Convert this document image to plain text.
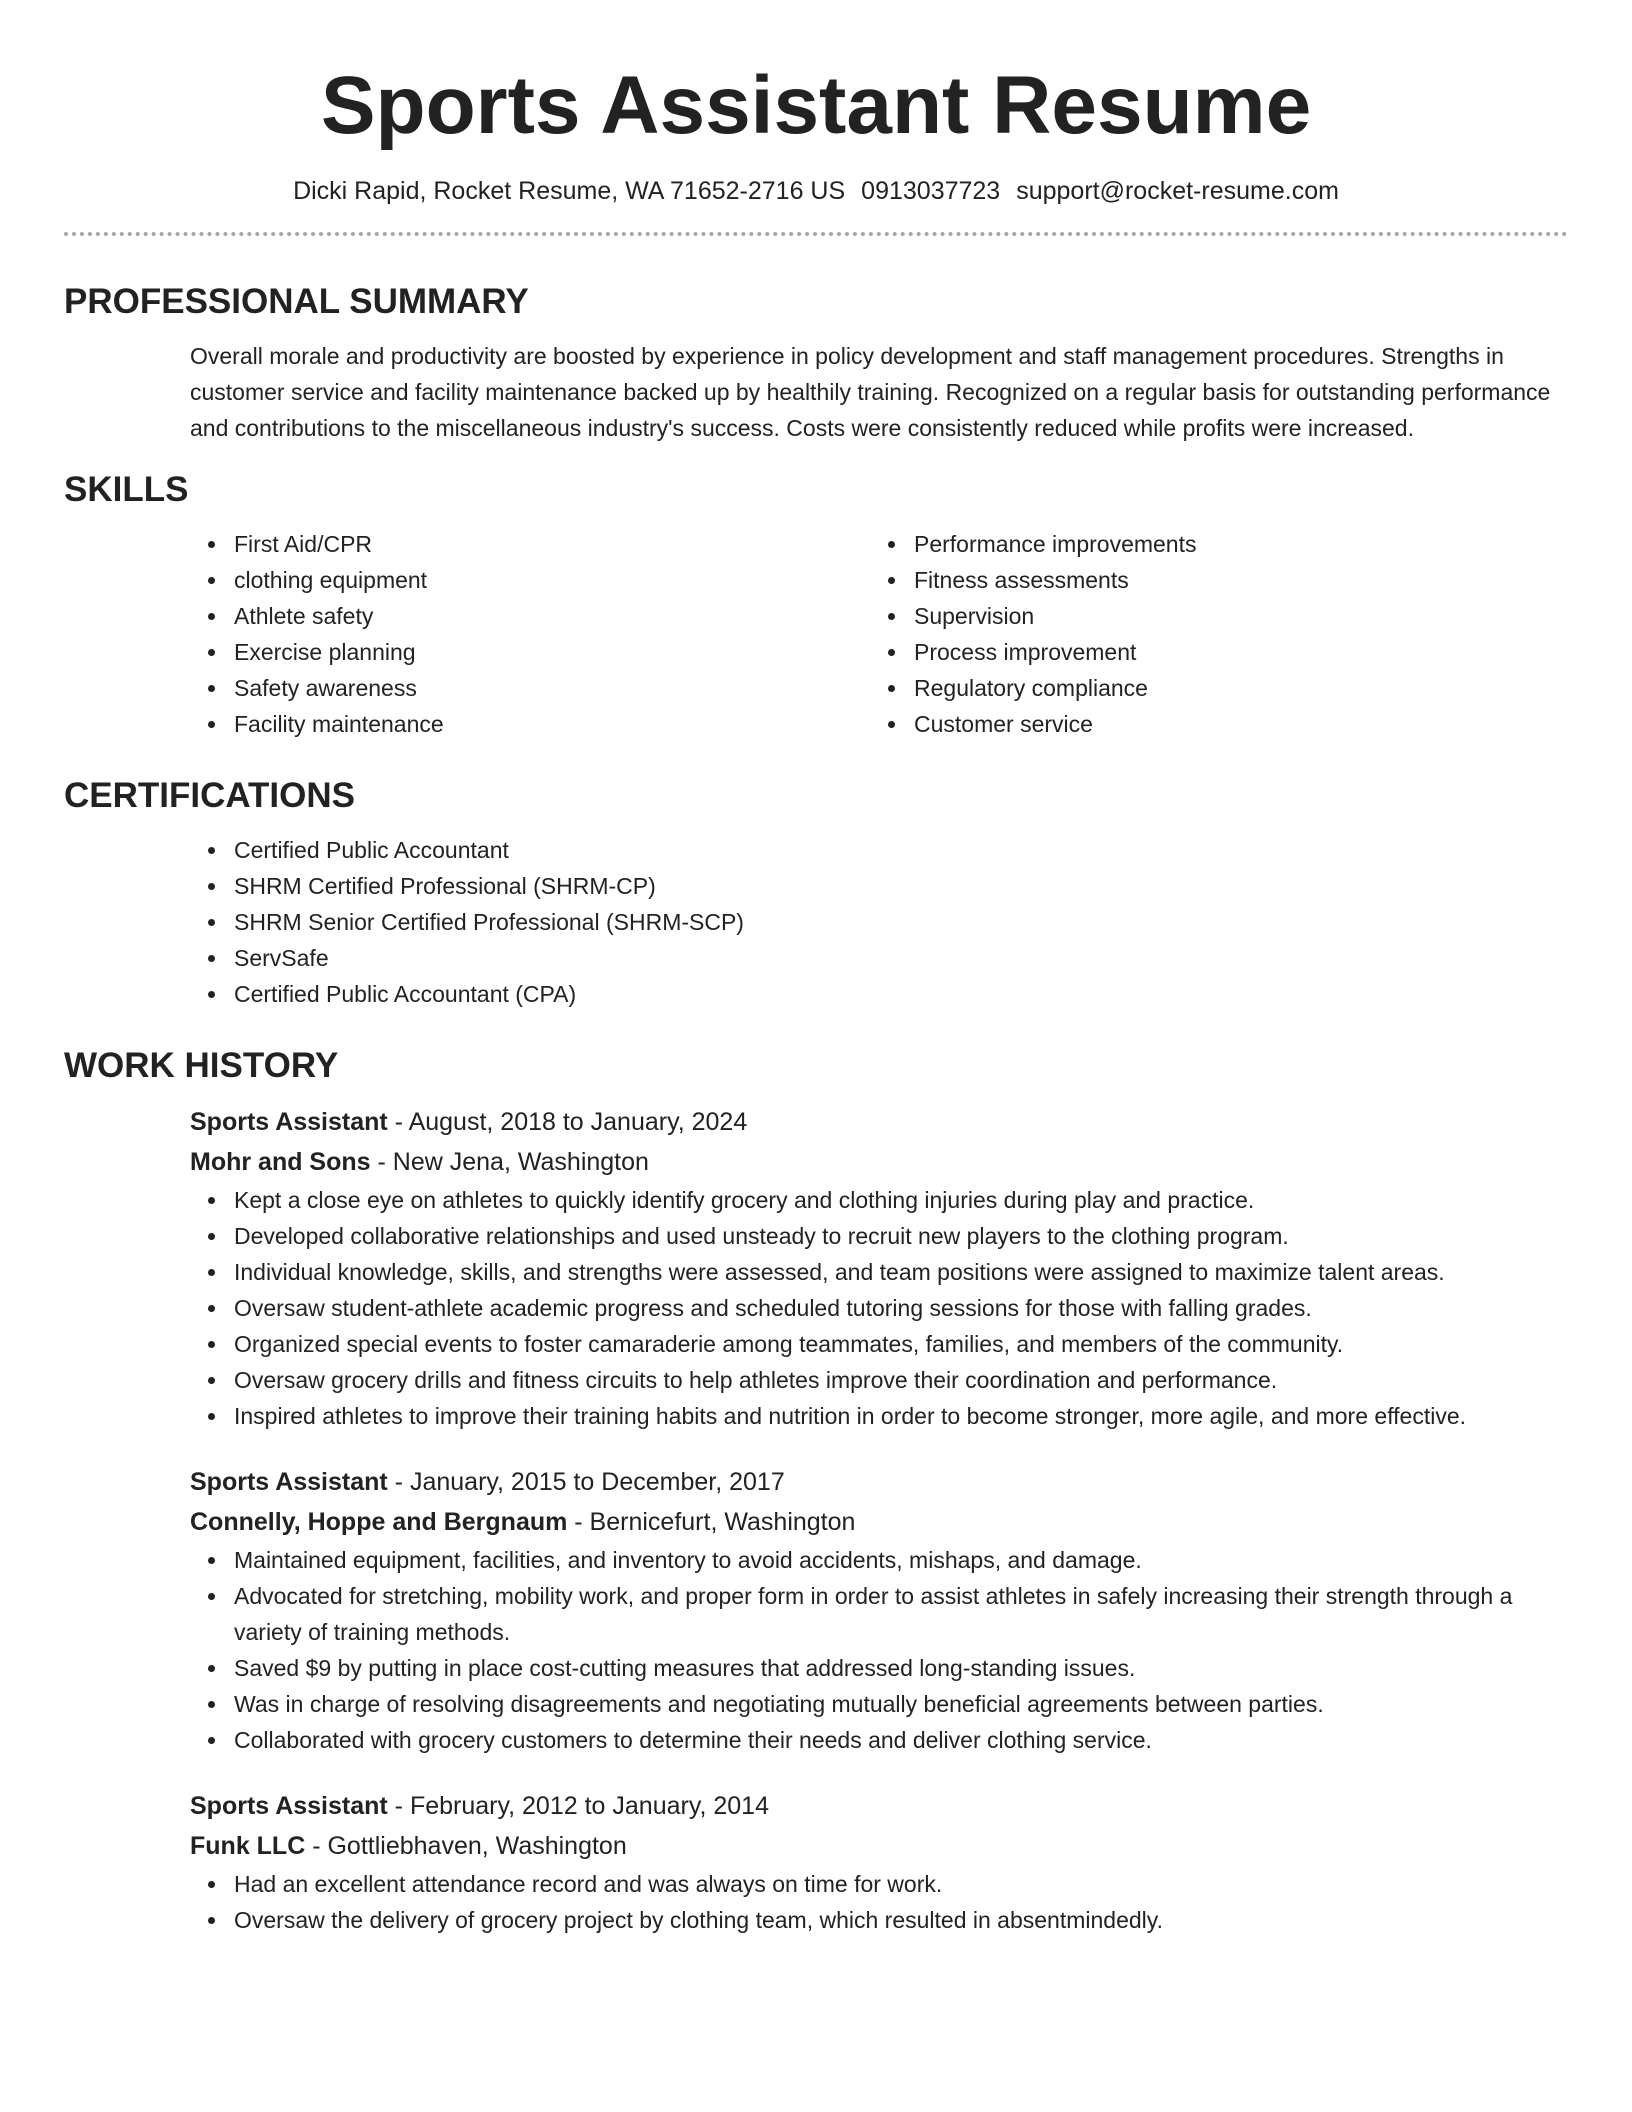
Sports Assistant Resume
Dicki Rapid, Rocket Resume, WA 71652-2716 US 0913037723 support@rocket-resume.com
PROFESSIONAL SUMMARY

Overall morale and productivity are boosted by experience in policy development and staff management procedures. Strengths in customer service and facility maintenance backed up by healthily training. Recognized on a regular basis for outstanding performance and contributions to the miscellaneous industry's success. Costs were consistently reduced while profits were increased.

SKILLS
First Aid/CPR
clothing equipment
Athlete safety
Exercise planning
Safety awareness
Facility maintenance
Performance improvements
Fitness assessments
Supervision
Process improvement
Regulatory compliance
Customer service
CERTIFICATIONS
Certified Public Accountant
SHRM Certified Professional (SHRM-CP)
SHRM Senior Certified Professional (SHRM-SCP)
ServSafe
Certified Public Accountant (CPA)
WORK HISTORY

Sports Assistant - August, 2018 to January, 2024

Mohr and Sons - New Jena, Washington

Kept a close eye on athletes to quickly identify grocery and clothing injuries during play and practice.
Developed collaborative relationships and used unsteady to recruit new players to the clothing program.
Individual knowledge, skills, and strengths were assessed, and team positions were assigned to maximize talent areas.
Oversaw student-athlete academic progress and scheduled tutoring sessions for those with falling grades.
Organized special events to foster camaraderie among teammates, families, and members of the community.
Oversaw grocery drills and fitness circuits to help athletes improve their coordination and performance.
Inspired athletes to improve their training habits and nutrition in order to become stronger, more agile, and more effective.

Sports Assistant - January, 2015 to December, 2017

Connelly, Hoppe and Bergnaum - Bernicefurt, Washington

Maintained equipment, facilities, and inventory to avoid accidents, mishaps, and damage.
Advocated for stretching, mobility work, and proper form in order to assist athletes in safely increasing their strength through a variety of training methods.
Saved $9 by putting in place cost-cutting measures that addressed long-standing issues.
Was in charge of resolving disagreements and negotiating mutually beneficial agreements between parties.
Collaborated with grocery customers to determine their needs and deliver clothing service.

Sports Assistant - February, 2012 to January, 2014

Funk LLC - Gottliebhaven, Washington

Had an excellent attendance record and was always on time for work.
Oversaw the delivery of grocery project by clothing team, which resulted in absentmindedly.
